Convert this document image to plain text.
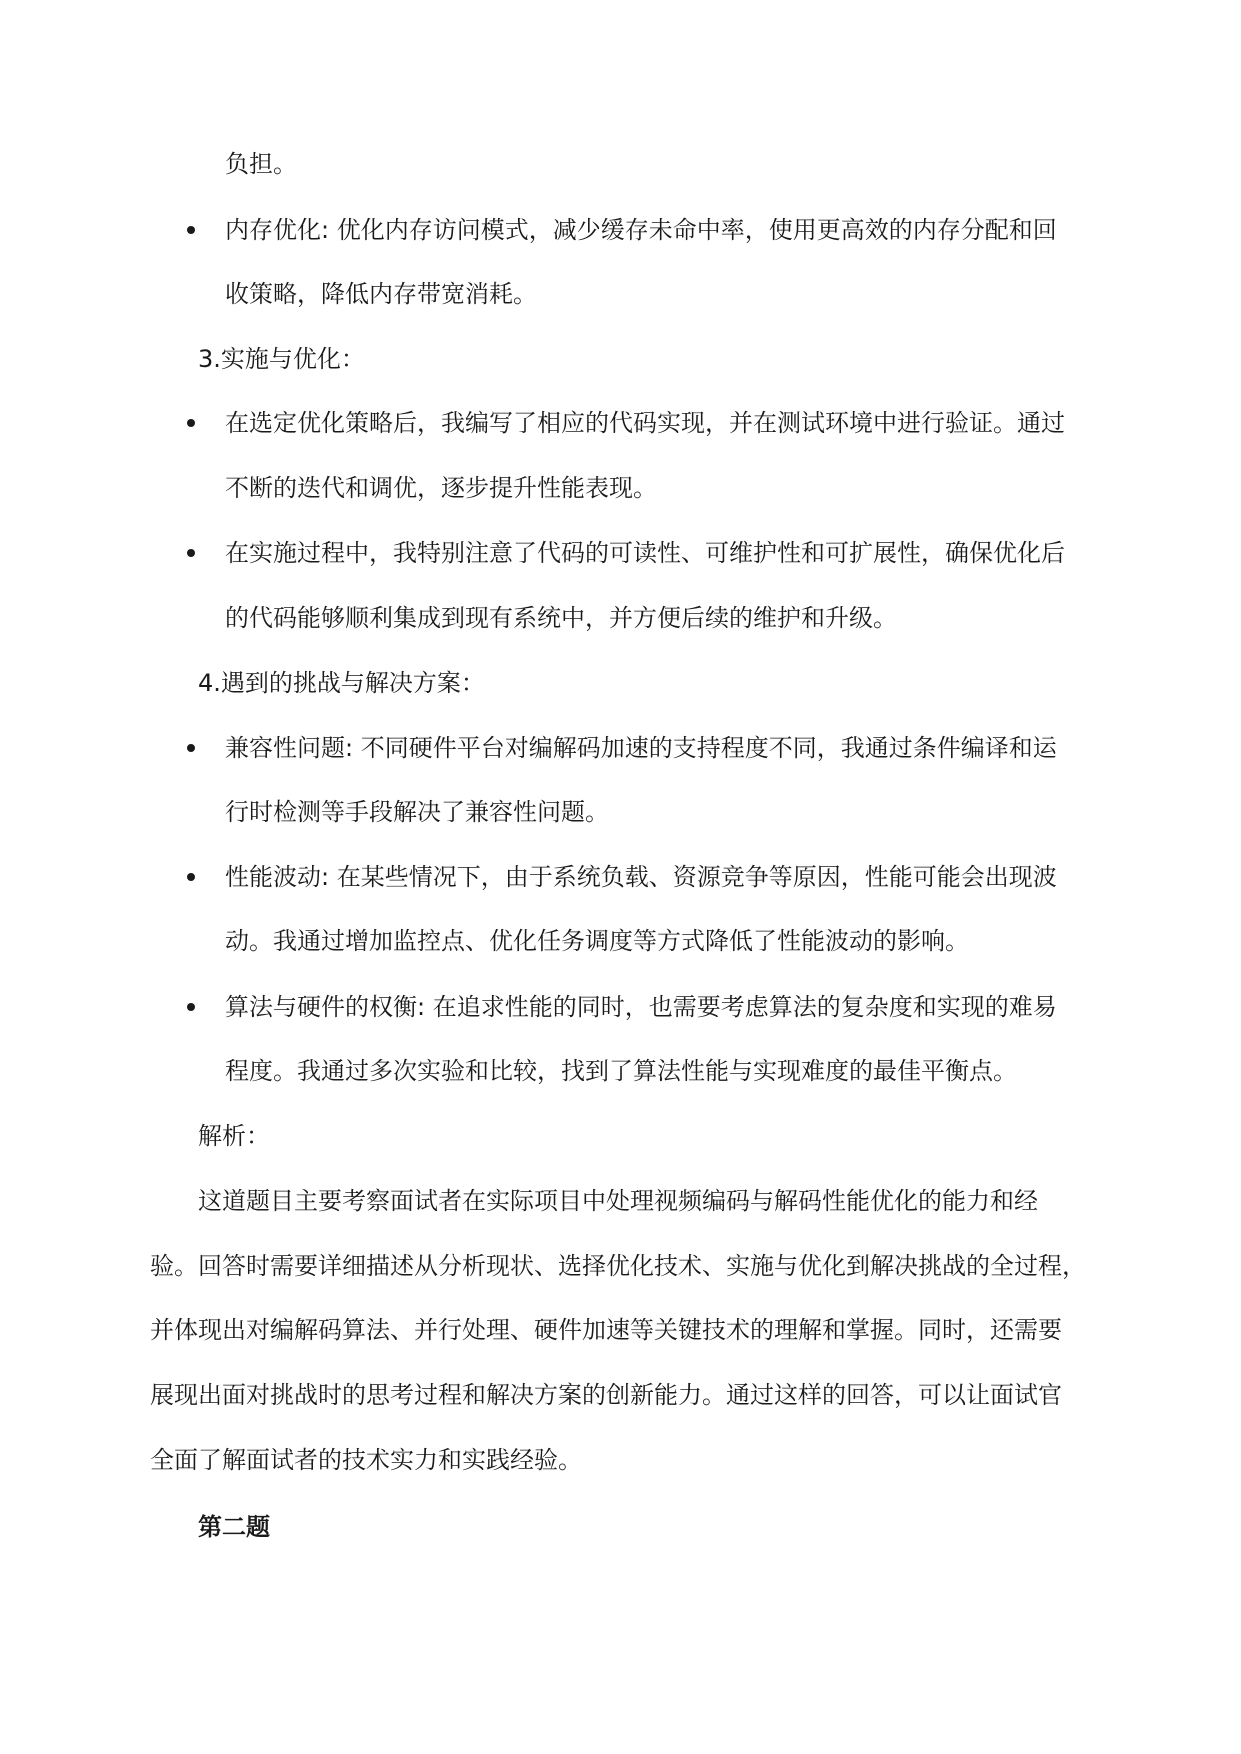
负担。
内存优化: 优化内存访问模式，减少缓存未命中率，使用更高效的内存分配和回
收策略，降低内存带宽消耗。
3.实施与优化：
在选定优化策略后，我编写了相应的代码实现，并在测试环境中进行验证。通过
不断的迭代和调优，逐步提升性能表现。
在实施过程中，我特别注意了代码的可读性、可维护性和可扩展性，确保优化后
的代码能够顺利集成到现有系统中，并方便后续的维护和升级。
4.遇到的挑战与解决方案：
兼容性问题: 不同硬件平台对编解码加速的支持程度不同，我通过条件编译和运
行时检测等手段解决了兼容性问题。
性能波动: 在某些情况下，由于系统负载、资源竞争等原因，性能可能会出现波
动。我通过增加监控点、优化任务调度等方式降低了性能波动的影响。
算法与硬件的权衡: 在追求性能的同时，也需要考虑算法的复杂度和实现的难易
程度。我通过多次实验和比较，找到了算法性能与实现难度的最佳平衡点。
解析：
这道题目主要考察面试者在实际项目中处理视频编码与解码性能优化的能力和经
验。回答时需要详细描述从分析现状、选择优化技术、实施与优化到解决挑战的全过程，
并体现出对编解码算法、并行处理、硬件加速等关键技术的理解和掌握。同时，还需要
展现出面对挑战时的思考过程和解决方案的创新能力。通过这样的回答，可以让面试官
全面了解面试者的技术实力和实践经验。
第二题
